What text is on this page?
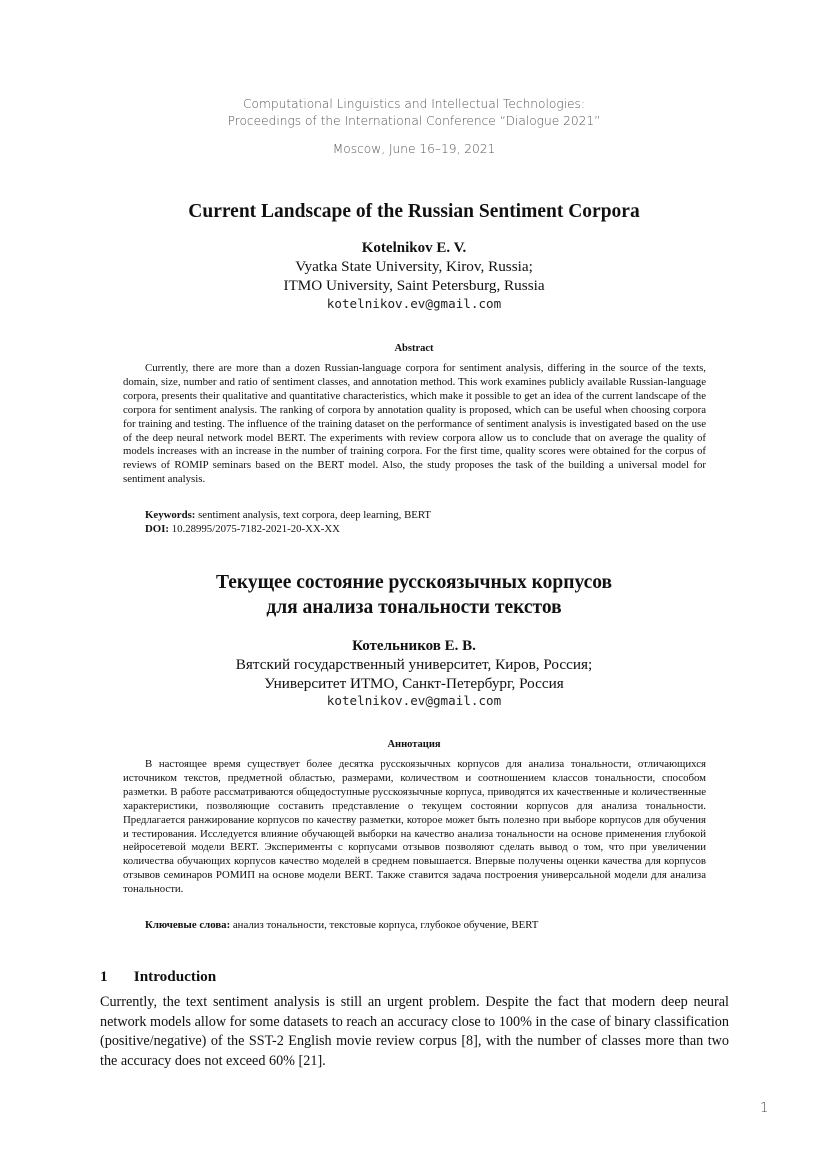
Computational Linguistics and Intellectual Technologies:
Proceedings of the International Conference “Dialogue 2021”
Moscow, June 16–19, 2021
Current Landscape of the Russian Sentiment Corpora
Kotelnikov E. V.
Vyatka State University, Kirov, Russia;
ITMO University, Saint Petersburg, Russia
kotelnikov.ev@gmail.com
Abstract

Currently, there are more than a dozen Russian-language corpora for sentiment analysis, differing in the source of the texts, domain, size, number and ratio of sentiment classes, and annotation method. This work examines publicly available Russian-language corpora, presents their qualitative and quantitative characteristics, which make it possible to get an idea of the current landscape of the corpora for sentiment analysis. The ranking of corpora by annotation quality is proposed, which can be useful when choosing corpora for training and testing. The influence of the training dataset on the performance of sentiment analysis is investigated based on the use of the deep neural network model BERT. The experiments with review corpora allow us to conclude that on average the quality of models increases with an increase in the number of training corpora. For the first time, quality scores were obtained for the corpus of reviews of ROMIP seminars based on the BERT model. Also, the study proposes the task of the building a universal model for sentiment analysis.

Keywords: sentiment analysis, text corpora, deep learning, BERT
DOI: 10.28995/2075-7182-2021-20-XX-XX
Текущее состояние русскоязычных корпусов
для анализа тональности текстов
Котельников Е. В.
Вятский государственный университет, Киров, Россия;
Университет ИТМО, Санкт-Петербург, Россия
kotelnikov.ev@gmail.com
Аннотация

В настоящее время существует более десятка русскоязычных корпусов для анализа тональности, отличающихся источником текстов, предметной областью, размерами, количеством и соотношением классов тональности, способом разметки. В работе рассматриваются общедоступные русскоязычные корпуса, приводятся их качественные и количественные характеристики, позволяющие составить представление о текущем состоянии корпусов для анализа тональности. Предлагается ранжирование корпусов по качеству разметки, которое может быть полезно при выборе корпусов для обучения и тестирования. Исследуется влияние обучающей выборки на качество анализа тональности на основе применения глубокой нейросетевой модели BERT. Эксперименты с корпусами отзывов позволяют сделать вывод о том, что при увеличении количества обучающих корпусов качество моделей в среднем повышается. Впервые получены оценки качества для корпусов отзывов семинаров РОМИП на основе модели BERT. Также ставится задача построения универсальной модели для анализа тональности.

Ключевые слова: анализ тональности, текстовые корпуса, глубокое обучение, BERT
1 Introduction

Currently, the text sentiment analysis is still an urgent problem. Despite the fact that modern deep neural network models allow for some datasets to reach an accuracy close to 100% in the case of binary classification (positive/negative) of the SST-2 English movie review corpus [8], with the number of classes more than two the accuracy does not exceed 60% [21].

1
